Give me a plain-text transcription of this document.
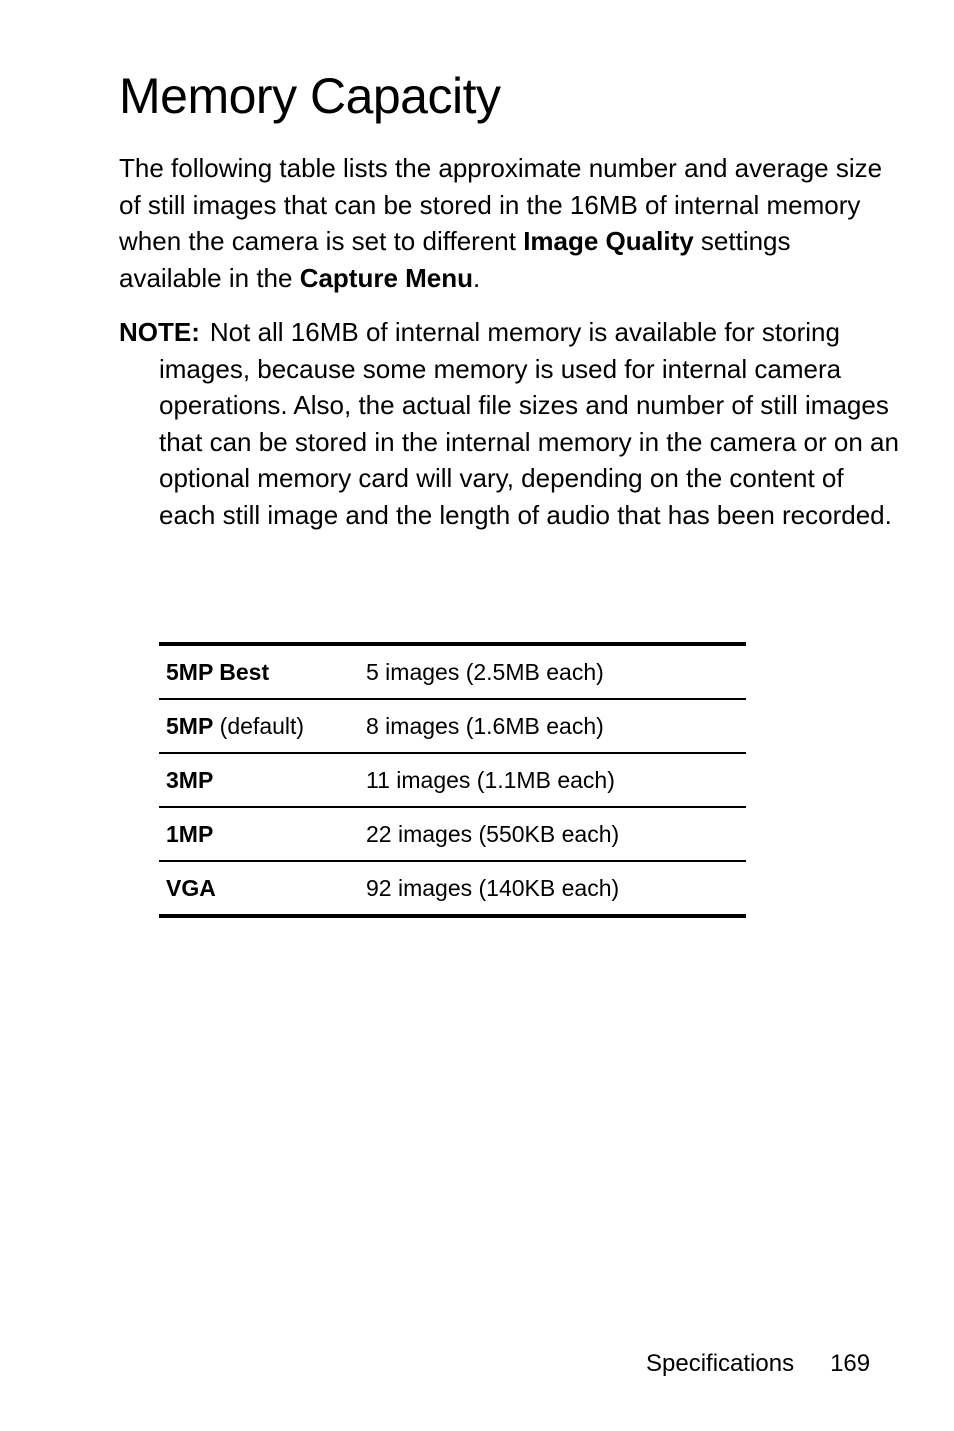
Memory Capacity

The following table lists the approximate number and average size of still images that can be stored in the 16MB of internal memory when the camera is set to different Image Quality settings available in the Capture Menu.

NOTE: Not all 16MB of internal memory is available for storing images, because some memory is used for internal camera operations. Also, the actual file sizes and number of still images that can be stored in the internal memory in the camera or on an optional memory card will vary, depending on the content of each still image and the length of audio that has been recorded.

5MP Best	5 images (2.5MB each)
5MP (default)	8 images (1.6MB each)
3MP	11 images (1.1MB each)
1MP	22 images (550KB each)
VGA	92 images (140KB each)
Specifications 169
